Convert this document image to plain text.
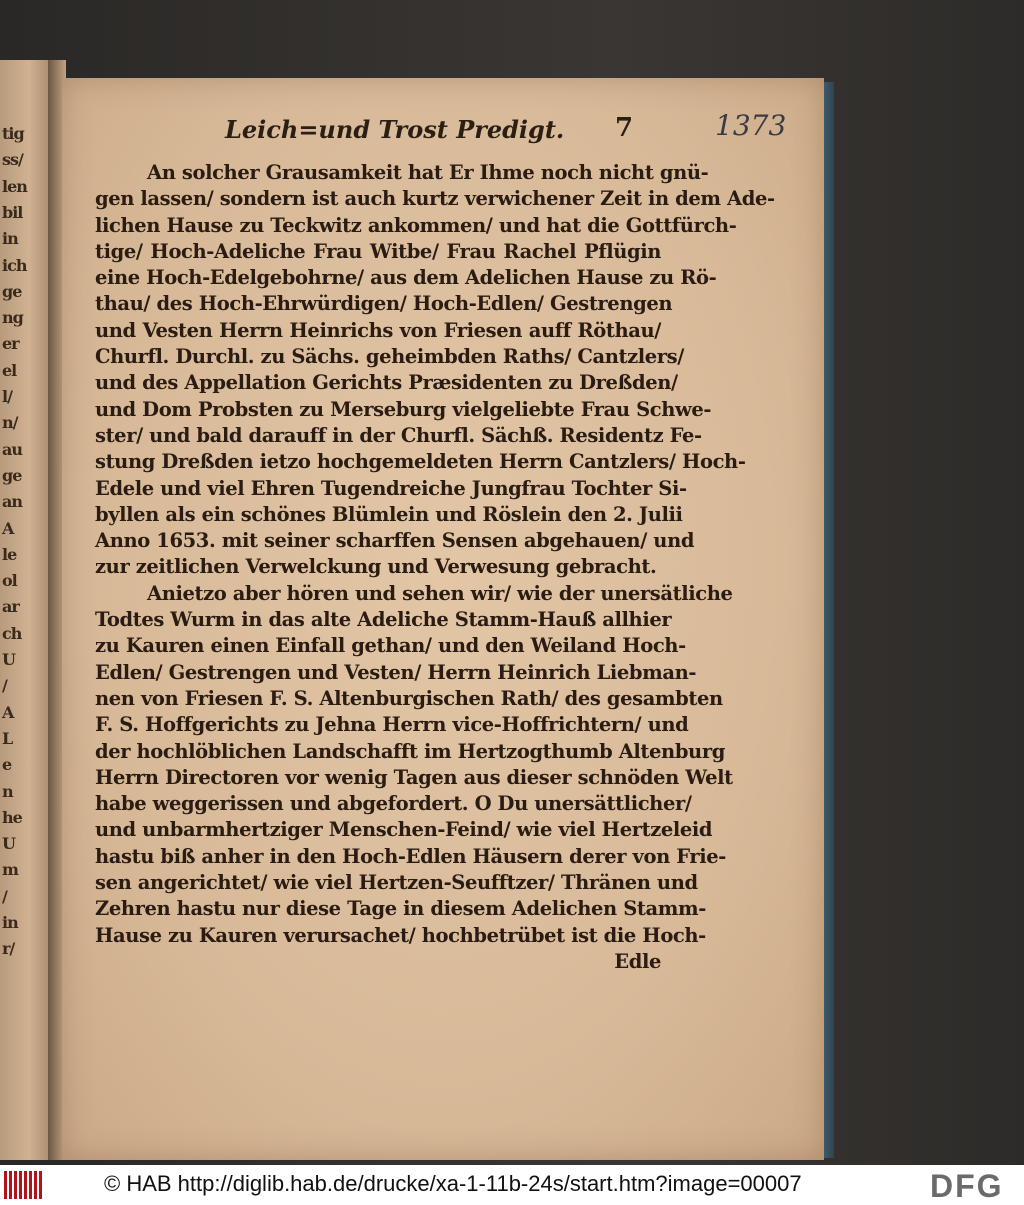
tig
ss/
len
bil
in
ich
ge
ng
er
el
l/
n/
au
ge
an
A
le
ol
ar
ch
U
/
A
L
e
n
he
U
m
/
in
r/
Leich=und Trost Predigt. 7	1373
An solcher Grausamkeit hat Er Ihme noch nicht gnü-
gen lassen/ sondern ist auch kurtz verwichener Zeit in dem Ade-
lichen Hause zu Teckwitz ankommen/ und hat die Gottfürch-
tige/ Hoch-Adeliche Frau Witbe/ Frau Rachel Pflügin
eine Hoch-Edelgebohrne/ aus dem Adelichen Hause zu Rö-
thau/ des Hoch-Ehrwürdigen/ Hoch-Edlen/ Gestrengen
und Vesten Herrn Heinrichs von Friesen auff Röthau/
Churfl. Durchl. zu Sächs. geheimbden Raths/ Cantzlers/
und des Appellation Gerichts Præsidenten zu Dreßden/
und Dom Probsten zu Merseburg vielgeliebte Frau Schwe-
ster/ und bald darauff in der Churfl. Sächß. Residentz Fe-
stung Dreßden ietzo hochgemeldeten Herrn Cantzlers/ Hoch-
Edele und viel Ehren Tugendreiche Jungfrau Tochter Si-
byllen als ein schönes Blümlein und Röslein den 2. Julii
Anno 1653. mit seiner scharffen Sensen abgehauen/ und
zur zeitlichen Verwelckung und Verwesung gebracht.
Anietzo aber hören und sehen wir/ wie der unersätliche
Todtes Wurm in das alte Adeliche Stamm-Hauß allhier
zu Kauren einen Einfall gethan/ und den Weiland Hoch-
Edlen/ Gestrengen und Vesten/ Herrn Heinrich Liebman-
nen von Friesen F. S. Altenburgischen Rath/ des gesambten
F. S. Hoffgerichts zu Jehna Herrn vice-Hoffrichtern/ und
der hochlöblichen Landschafft im Hertzogthumb Altenburg
Herrn Directoren vor wenig Tagen aus dieser schnöden Welt
habe weggerissen und abgefordert. O Du unersättlicher/
und unbarmhertziger Menschen-Feind/ wie viel Hertzeleid
hastu biß anher in den Hoch-Edlen Häusern derer von Frie-
sen angerichtet/ wie viel Hertzen-Seufftzer/ Thränen und
Zehren hastu nur diese Tage in diesem Adelichen Stamm-
Hause zu Kauren verursachet/ hochbetrübet ist die Hoch-
Edle
© HAB http://diglib.hab.de/drucke/xa-1-11b-24s/start.htm?image=00007	DFG
